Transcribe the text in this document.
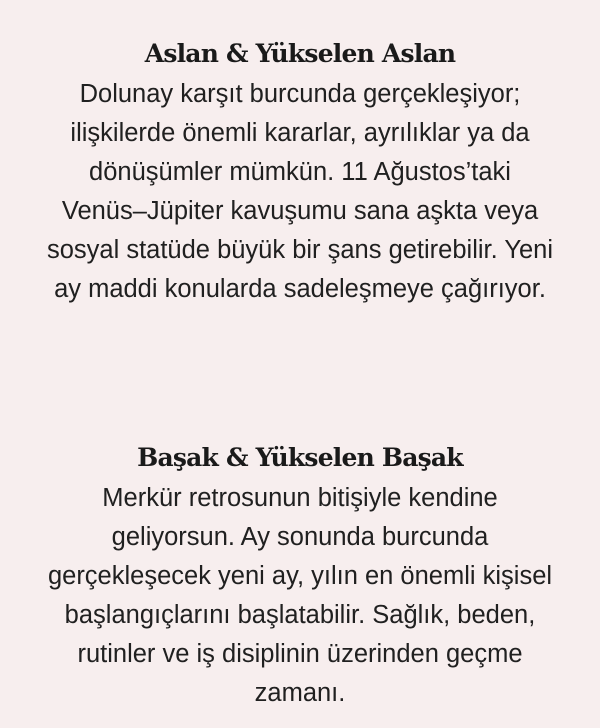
Aslan & Yükselen Aslan

Dolunay karşıt burcunda gerçekleşiyor;
ilişkilerde önemli kararlar, ayrılıklar ya da
dönüşümler mümkün. 11 Ağustos’taki
Venüs–Jüpiter kavuşumu sana aşkta veya
sosyal statüde büyük bir şans getirebilir. Yeni
ay maddi konularda sadeleşmeye çağırıyor.

Başak & Yükselen Başak

Merkür retrosunun bitişiyle kendine
geliyorsun. Ay sonunda burcunda
gerçekleşecek yeni ay, yılın en önemli kişisel
başlangıçlarını başlatabilir. Sağlık, beden,
rutinler ve iş disiplinin üzerinden geçme
zamanı.
